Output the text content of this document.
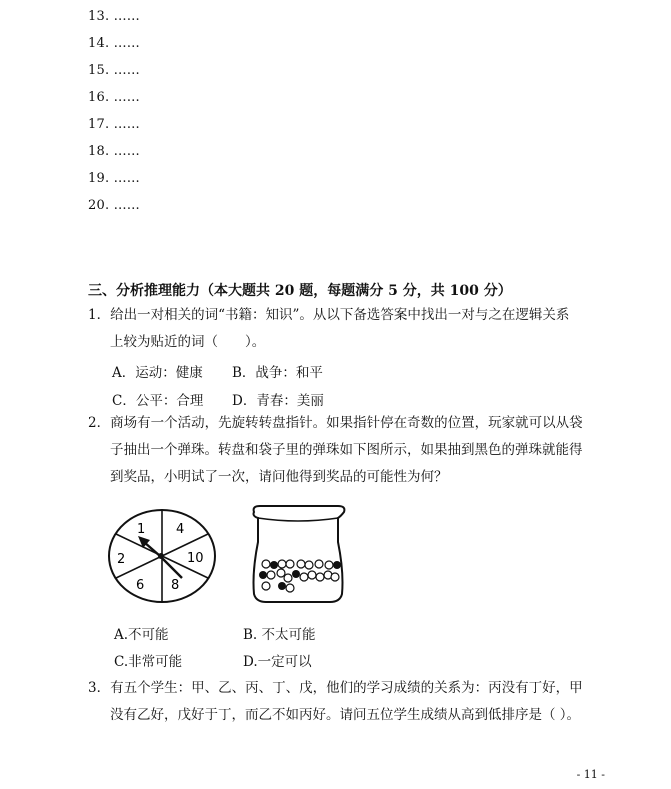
13. ……
14. ……
15. ……
16. ……
17. ……
18. ……
19. ……
20. ……
三、分析推理能力（本大题共 20 题，每题满分 5 分，共 100 分）
1．给出一对相关的词“书籍：知识”。从以下备选答案中找出一对与之在逻辑关系
上较为贴近的词（　　）。
A．运动：健康 B．战争：和平
C．公平：合理 D．青春：美丽
2．商场有一个活动，先旋转转盘指针。如果指针停在奇数的位置，玩家就可以从袋
子抽出一个弹珠。转盘和袋子里的弹珠如下图所示，如果抽到黑色的弹珠就能得
到奖品，小明试了一次，请问他得到奖品的可能性为何？
1 4
2	10
6 8
A.不可能	B. 不太可能
C.非常可能	D.一定可以
3．有五个学生：甲、乙、丙、丁、戊，他们的学习成绩的关系为：丙没有丁好，甲
没有乙好，戊好于丁，而乙不如丙好。请问五位学生成绩从高到低排序是（ ）。
- 11 -
